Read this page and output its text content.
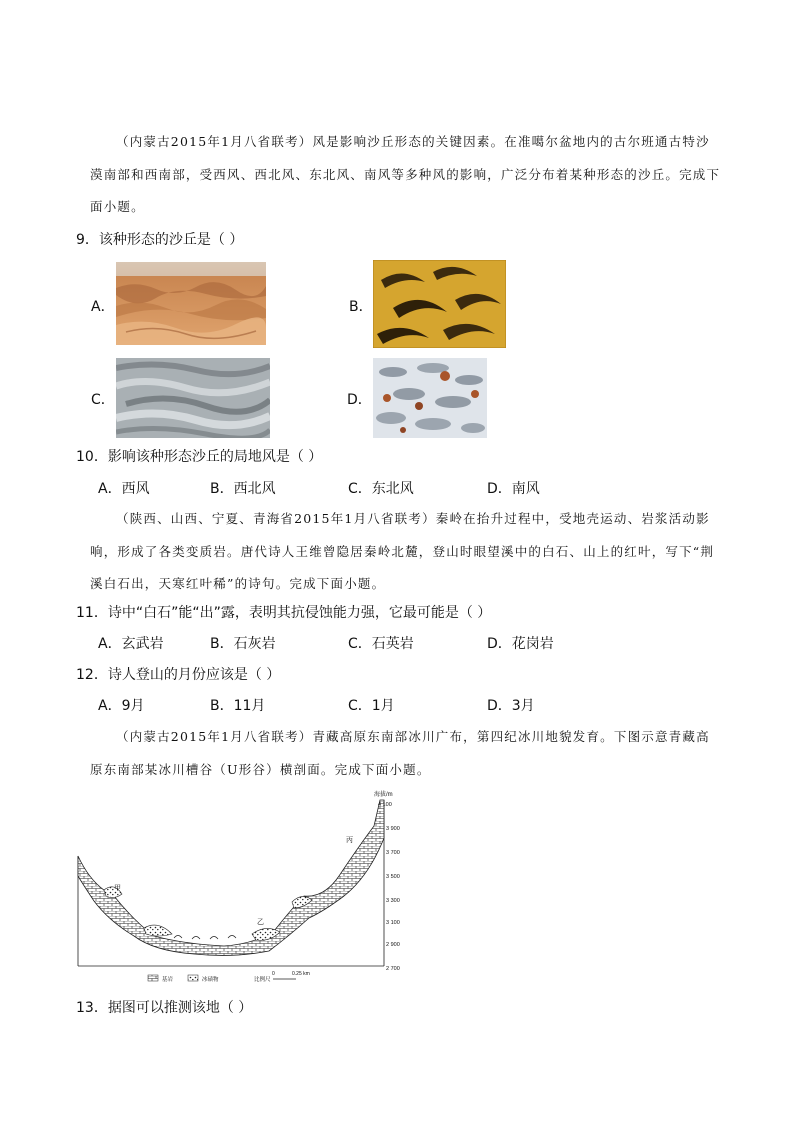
（内蒙古2015年1月八省联考）风是影响沙丘形态的关键因素。在准噶尔盆地内的古尔班通古特沙
漠南部和西南部，受西风、西北风、东北风、南风等多种风的影响，广泛分布着某种形态的沙丘。完成下
面小题。
9．该种形态的沙丘是（ ）
A．	B．
C．	D．
10．影响该种形态沙丘的局地风是（ ）
A．西风	B．西北风	C．东北风	D．南风
（陕西、山西、宁夏、青海省2015年1月八省联考）秦岭在抬升过程中，受地壳运动、岩浆活动影
响，形成了各类变质岩。唐代诗人王维曾隐居秦岭北麓，登山时眼望溪中的白石、山上的红叶，写下“荆
溪白石出，天寒红叶稀”的诗句。完成下面小题。
11．诗中“白石”能“出”露，表明其抗侵蚀能力强，它最可能是（ ）
A．玄武岩	B．石灰岩	C．石英岩	D．花岗岩
12．诗人登山的月份应该是（ ）
A．9月	B．11月	C．1月	D．3月
（内蒙古2015年1月八省联考）青藏高原东南部冰川广布，第四纪冰川地貌发育。下图示意青藏高
原东南部某冰川槽谷（U形谷）横剖面。完成下面小题。
甲
乙
丙
海拔/m
4 100
3 900
3 700
3 500
3 300
3 100
2 900
2 700
基岩	冰碛物	比例尺
0	0.25 km
13．据图可以推测该地（ ）
